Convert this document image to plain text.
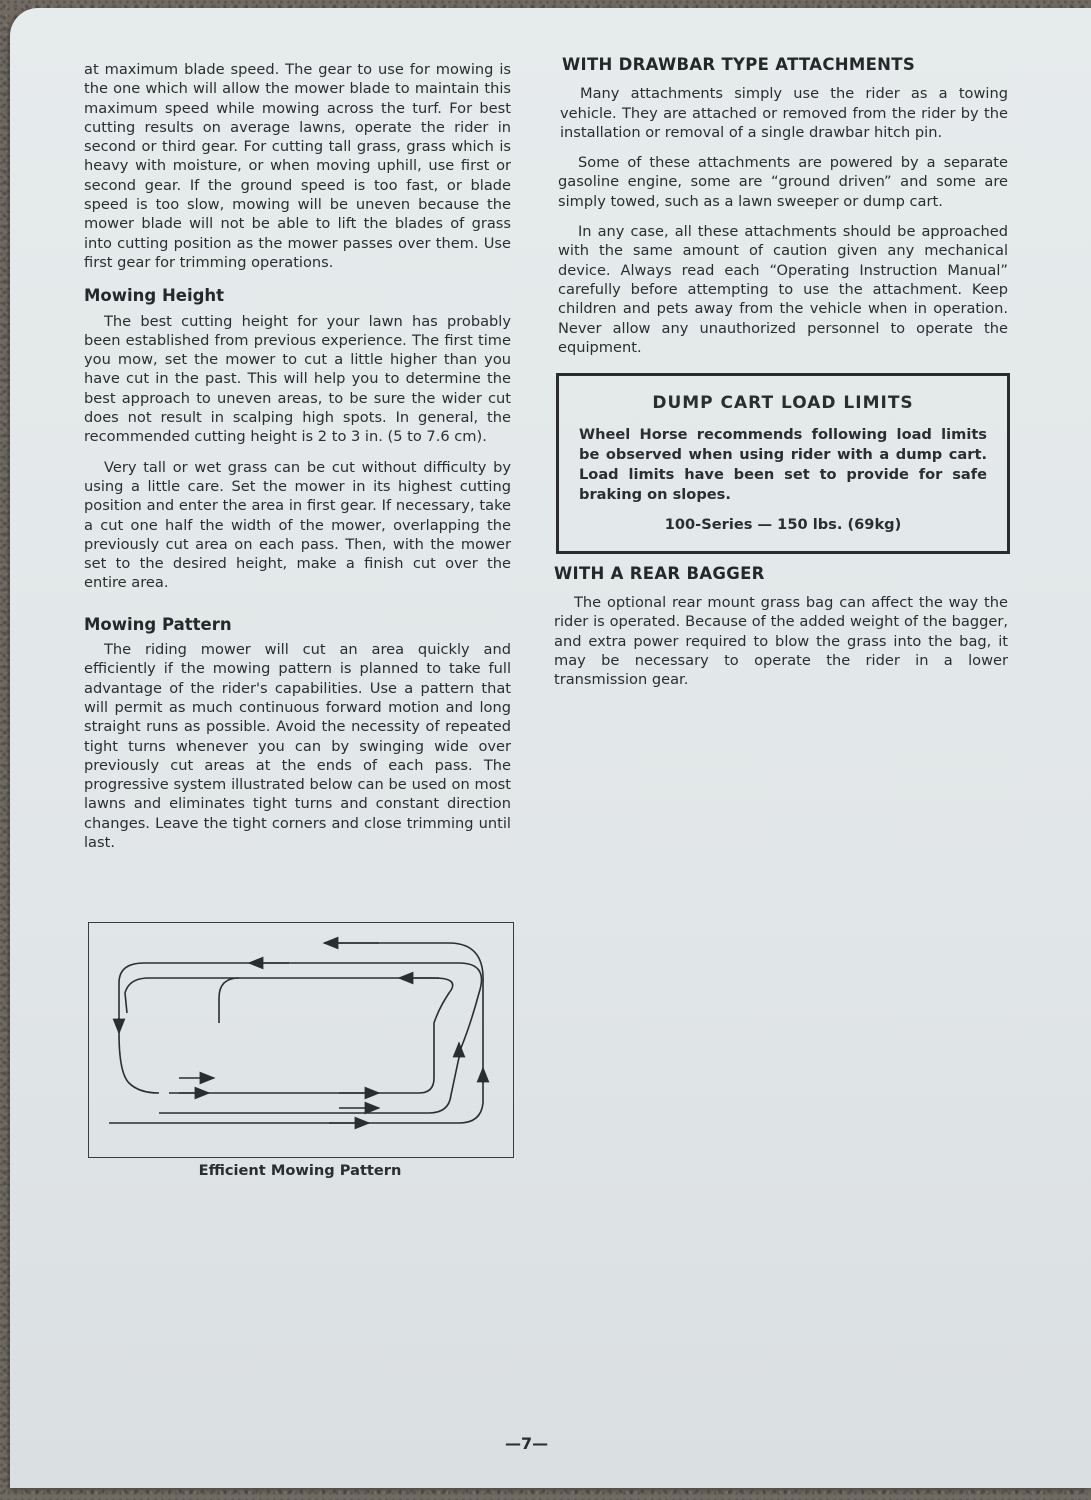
at maximum blade speed. The gear to use for mowing is the one which will allow the mower blade to maintain this maximum speed while mowing across the turf. For best cutting results on average lawns, operate the rider in second or third gear. For cutting tall grass, grass which is heavy with moisture, or when moving uphill, use first or second gear. If the ground speed is too fast, or blade speed is too slow, mowing will be uneven because the mower blade will not be able to lift the blades of grass into cutting position as the mower passes over them. Use first gear for trimming operations.

Mowing Height

The best cutting height for your lawn has probably been established from previous experience. The first time you mow, set the mower to cut a little higher than you have cut in the past. This will help you to determine the best approach to uneven areas, to be sure the wider cut does not result in scalping high spots. In general, the recommended cutting height is 2 to 3 in. (5 to 7.6 cm).

Very tall or wet grass can be cut without difficulty by using a little care. Set the mower in its highest cutting position and enter the area in first gear. If necessary, take a cut one half the width of the mower, overlapping the previously cut area on each pass. Then, with the mower set to the desired height, make a finish cut over the entire area.

Mowing Pattern

The riding mower will cut an area quickly and efficiently if the mowing pattern is planned to take full advantage of the rider's capabilities. Use a pattern that will permit as much continuous forward motion and long straight runs as possible. Avoid the necessity of repeated tight turns whenever you can by swinging wide over previously cut areas at the ends of each pass. The progressive system illustrated below can be used on most lawns and eliminates tight turns and constant direction changes. Leave the tight corners and close trimming until last.

Efficient Mowing Pattern
WITH DRAWBAR TYPE ATTACHMENTS

Many attachments simply use the rider as a towing vehicle. They are attached or removed from the rider by the installation or removal of a single drawbar hitch pin.

Some of these attachments are powered by a separate gasoline engine, some are “ground driven” and some are simply towed, such as a lawn sweeper or dump cart.

In any case, all these attachments should be approached with the same amount of caution given any mechanical device. Always read each “Operating Instruction Manual” carefully before attempting to use the attachment. Keep children and pets away from the vehicle when in operation. Never allow any unauthorized personnel to operate the equipment.

DUMP CART LOAD LIMITS
Wheel Horse recommends following load limits be observed when using rider with a dump cart. Load limits have been set to provide for safe braking on slopes.
100-Series — 150 lbs. (69kg)
WITH A REAR BAGGER

The optional rear mount grass bag can affect the way the rider is operated. Because of the added weight of the bagger, and extra power required to blow the grass into the bag, it may be necessary to operate the rider in a lower transmission gear.

—7—
